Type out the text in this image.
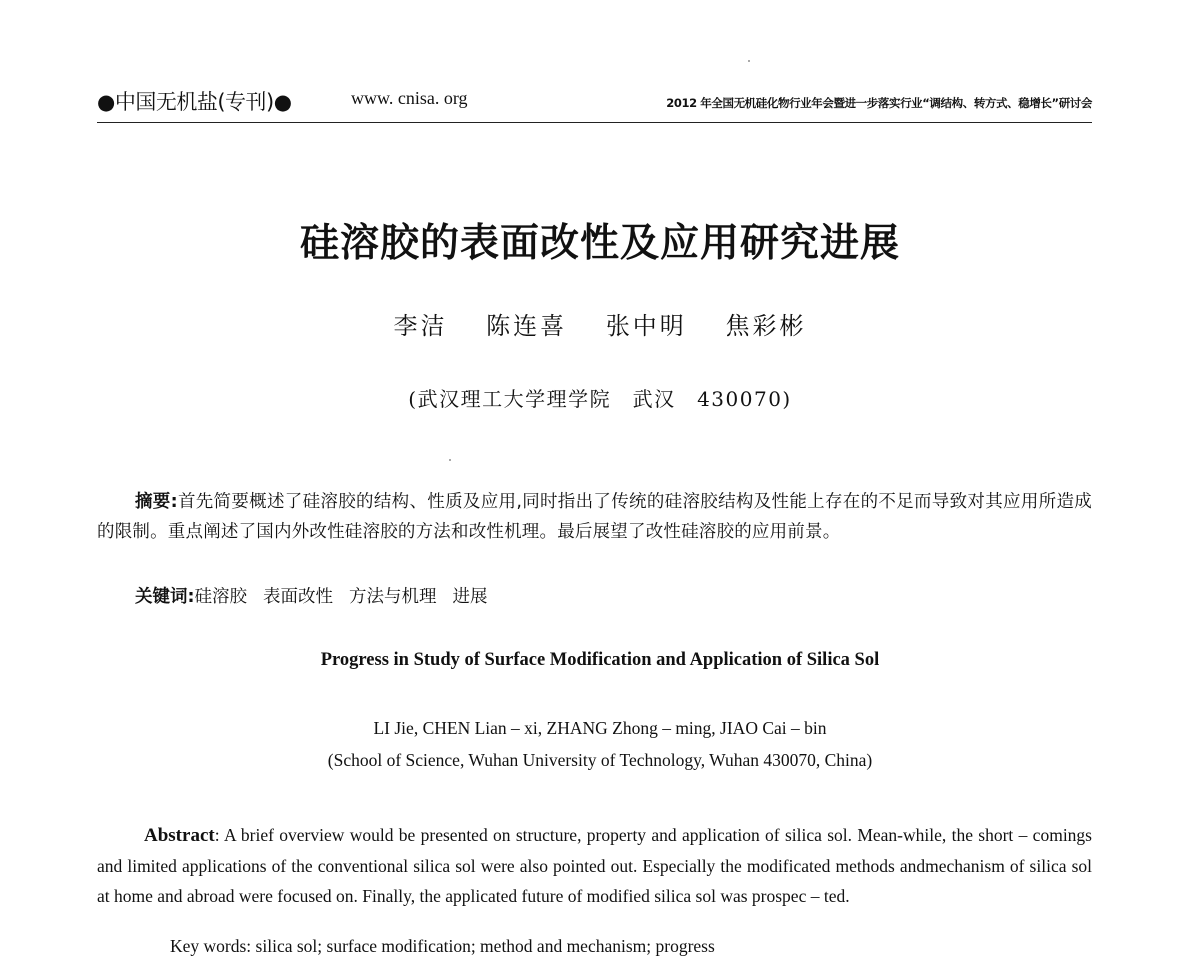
●中国无机盐(专刊)●	www. cnisa. org	2012 年全国无机硅化物行业年会暨进一步落实行业“调结构、转方式、稳增长”研讨会
硅溶胶的表面改性及应用研究进展
李洁 陈连喜 张中明 焦彩彬
(武汉理工大学理学院　武汉　430070)
摘要:首先简要概述了硅溶胶的结构、性质及应用,同时指出了传统的硅溶胶结构及性能上存在的不足而导致对其应用所造成的限制。重点阐述了国内外改性硅溶胶的方法和改性机理。最后展望了改性硅溶胶的应用前景。
关键词:硅溶胶 表面改性 方法与机理 进展
Progress in Study of Surface Modification and Application of Silica Sol
LI Jie, CHEN Lian – xi, ZHANG Zhong – ming, JIAO Cai – bin
(School of Science, Wuhan University of Technology, Wuhan 430070, China)
Abstract: A brief overview would be presented on structure, property and application of silica sol. Mean-while, the short – comings and limited applications of the conventional silica sol were also pointed out. Especially the modificated methods andmechanism of silica sol at home and abroad were focused on. Finally, the applicated future of modified silica sol was prospec – ted.
Key words: silica sol; surface modification; method and mechanism; progress
